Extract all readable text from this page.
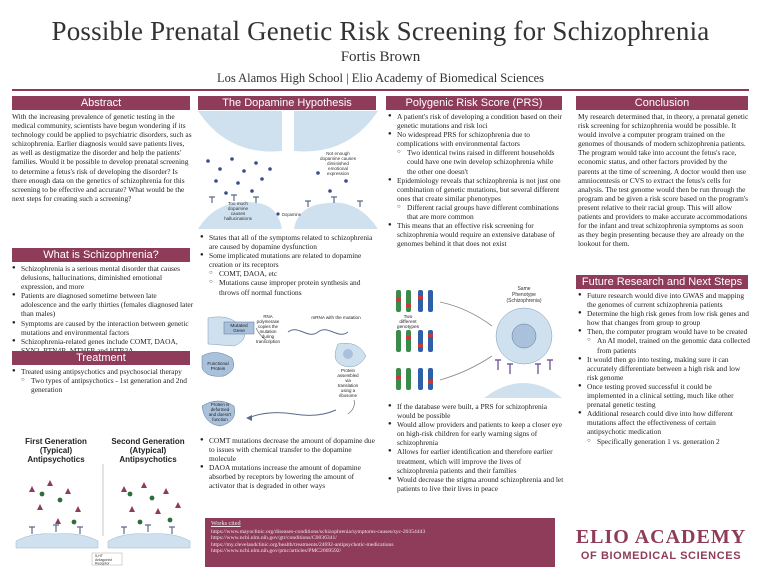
Possible Prenatal Genetic Risk Screening for Schizophrenia
Fortis Brown
Los Alamos High School | Elio Academy of Biomedical Sciences
Abstract
With the increasing prevalence of genetic testing in the medical community, scientists have begun wondering if its technology could be applied to psychiatric disorders, such as schizophrenia. Earlier diagnosis would save patients lives, as well as destigmatize the disorder and help the patients' families. Would it be possible to develop prenatal screening to determine a fetus's risk of developing the disorder? Is there enough data on the genetics of schizophrenia for this screening to be effective and accurate? What would be the next steps for creating such a screening?
What is Schizophrenia?
● Schizophrenia is a serious mental disorder that causes delusions, hallucinations, diminished emotional expression, and more
● Patients are diagnosed sometime between late adolescence and the early thirties (females diagnosed later than males)
● Symptoms are caused by the interaction between genetic mutations and environmental factors
● Schizophrenia-related genes include COMT, DAOA,
Treatment
● Treated using antipsychotics and psychosocial therapy
○ Two types of antipsychotics - 1st generation and 2nd generation
First Generation (Typical) Antipsychotics
Second Generation (Atypical) Antipsychotics
5-HT
Antagonist
Receptor
The Dopamine Hypothesis
Too much dopamine causes hallucinations
Not enough dopamine causes diminished emotional expression
Dopamine
● States that all of the symptoms related to schizophrenia are caused by dopamine dysfunction
● Some implicated mutations are related to dopamine creation or its receptors
○ COMT, DAOA, etc
○ Mutations cause improper protein synthesis and throws off normal functions
Mutated Gene
RNA polymerase copies the mutation during transcription
mRNA with the mutation
Functional Protein	Protein assembled via translation using a ribosome
Protein is deformed and doesn't function
● COMT mutations decrease the amount of dopamine due to issues with chemical transfer to the dopamine molecule
● DAOA mutations increase the amount of dopamine absorbed by receptors by lowering the amount of activator that is degraded in other ways
Polygenic Risk Score (PRS)
● A patient's risk of developing a condition based on their genetic mutations and risk loci
● No widespread PRS for schizophrenia due to complications with environmental factors
○ Two identical twins raised in different households could have one twin develop schizophrenia while the other one doesn't
● Epidemiology reveals that schizophrenia is not just one combination of genetic mutations, but several different ones that create similar phenotypes
○ Different racial groups have different combinations that are more common
● This means that an effective risk screening for schizophrenia would require an extensive database of genomes behind it that does not exist
Two different genotypes
Same Phenotype (Schizophrenia)
● If the database were built, a PRS for schizophrenia would be possible
● Would allow providers and patients to keep a closer eye on high-risk children for early warning signs of schizophrenia
● Allows for earlier identification and therefore earlier treatment, which will improve the lives of schizophrenia patients and their families
● Would decrease the stigma around schizophrenia and let patients to live their lives in peace
Conclusion
My research determined that, in theory, a prenatal genetic risk screening for schizophrenia would be possible. It would involve a computer program trained on the genomes of thousands of modern schizophrenia patients. The program would take into account the fetus's race, economic status, and other factors provided by the parents at the time of screening. A doctor would then use amniocentesis or CVS to extract the fetus's cells for analysis. The test genome would then be run through the program and be given a risk score based on the program's present relative to their racial group. This will allow patients and providers to make accurate accommodations for the infant and treat schizophrenia symptoms as soon as they begin presenting because they are already on the lookout for them.
Future Research and Next Steps
● Future research would dive into GWAS and mapping the genomes of current schizophrenia patients
● Determine the high risk genes from low risk genes and how that changes from group to group
● Then, the computer program would have to be created
○ An AI model, trained on the genomic data collected from patients
● It would then go into testing, making sure it can accurately differentiate between a high risk and low risk genome
● Once testing proved successful it could be implemented in a clinical setting, much like other prenatal genetic testing
● Additional research could dive into how different mutations affect the effectiveness of certain antipsychotic medication
○ Specifically generation 1 vs. generation 2
Works cited
https://www.mayoclinic.org/diseases-conditions/schizophrenia/symptoms-causes/syc-20354443
https://www.ncbi.nlm.nih.gov/gtr/conditions/C0036341/
https://my.clevelandclinic.org/health/treatments/24692-antipsychotic-medications
https://www.ncbi.nlm.nih.gov/pmc/articles/PMC2669592/
ELIO ACADEMY
OF BIOMEDICAL SCIENCES
